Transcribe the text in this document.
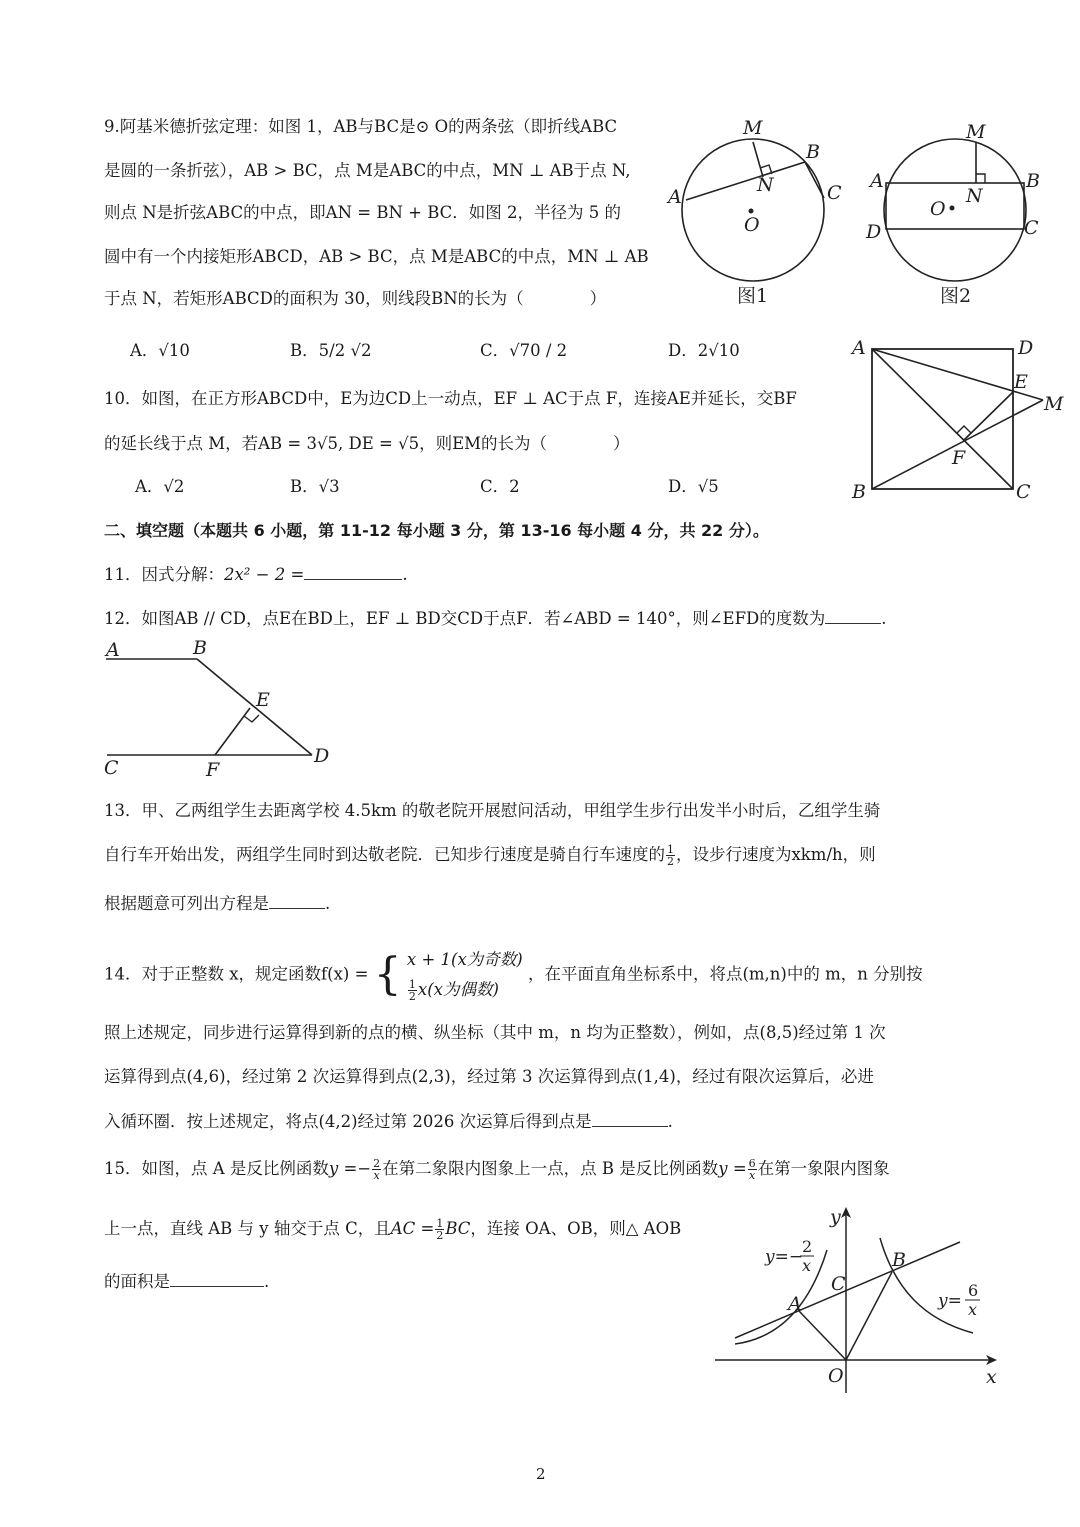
9.阿基米德折弦定理：如图 1，AB与BC是⊙ O的两条弦（即折线ABC
是圆的一条折弦），AB > BC，点 M是ABC的中点，MN ⊥ AB于点 N,
则点 N是折弦ABC的中点，即AN = BN + BC．如图 2，半径为 5 的
圆中有一个内接矩形ABCD，AB > BC，点 M是ABC的中点，MN ⊥ AB
于点 N，若矩形ABCD的面积为 30，则线段BN的长为（　　　　）
M
B
N	C
A
O
图1
M
A
N
B
O
D	C
图2
A．√10	B．5/2 √2	C．√70 / 2	D．2√10
10．如图，在正方形ABCD中，E为边CD上一动点，EF ⊥ AC于点 F，连接AE并延长，交BF
的延长线于点 M，若AB = 3√5, DE = √5，则EM的长为（　　　　）
A．√2	B．√3	C．2	D．√5
A	D
E
M
F
B	C
二、填空题（本题共 6 小题，第 11-12 每小题 3 分，第 13-16 每小题 4 分，共 22 分）。
11．因式分解：2x² − 2 =	.
12．如图AB // CD，点E在BD上，EF ⊥ BD交CD于点F．若∠ABD = 140°，则∠EFD的度数为	.
A	B
E
C	F
D
13．甲、乙两组学生去距离学校 4.5km 的敬老院开展慰问活动，甲组学生步行出发半小时后，乙组学生骑
自行车开始出发，两组学生同时到达敬老院．已知步行速度是骑自行车速度的 $\frac{1}{2}$ ，设步行速度为xkm/h，则
根据题意可列出方程是	.
14．对于正整数 x，规定函数f(x) = { x + 1(x为奇数)
$\frac{1}{2} x(x$为偶数)
，在平面直角坐标系中，将点(m,n)中的 m，n 分别按
照上述规定，同步进行运算得到新的点的横、纵坐标（其中 m，n 均为正整数），例如，点(8,5)经过第 1 次
运算得到点(4,6)，经过第 2 次运算得到点(2,3)，经过第 3 次运算得到点(1,4)，经过有限次运算后，必进
入循环圈．按上述规定，将点(4,2)经过第 2026 次运算后得到点是	.
15．如图，点 A 是反比例函数$y =- \frac{2}{x}$ 在第二象限内图象上一点，点 B 是反比例函数$y = \frac{6}{x}$ 在第一象限内图象
上一点，直线 AB 与 y 轴交于点 C，且AC = $\frac{1}{2}$ BC，连接 OA、OB，则△ AOB
的面积是	.
y
x
O
A
B
C
y=−
2
x
y=
6
x
2
